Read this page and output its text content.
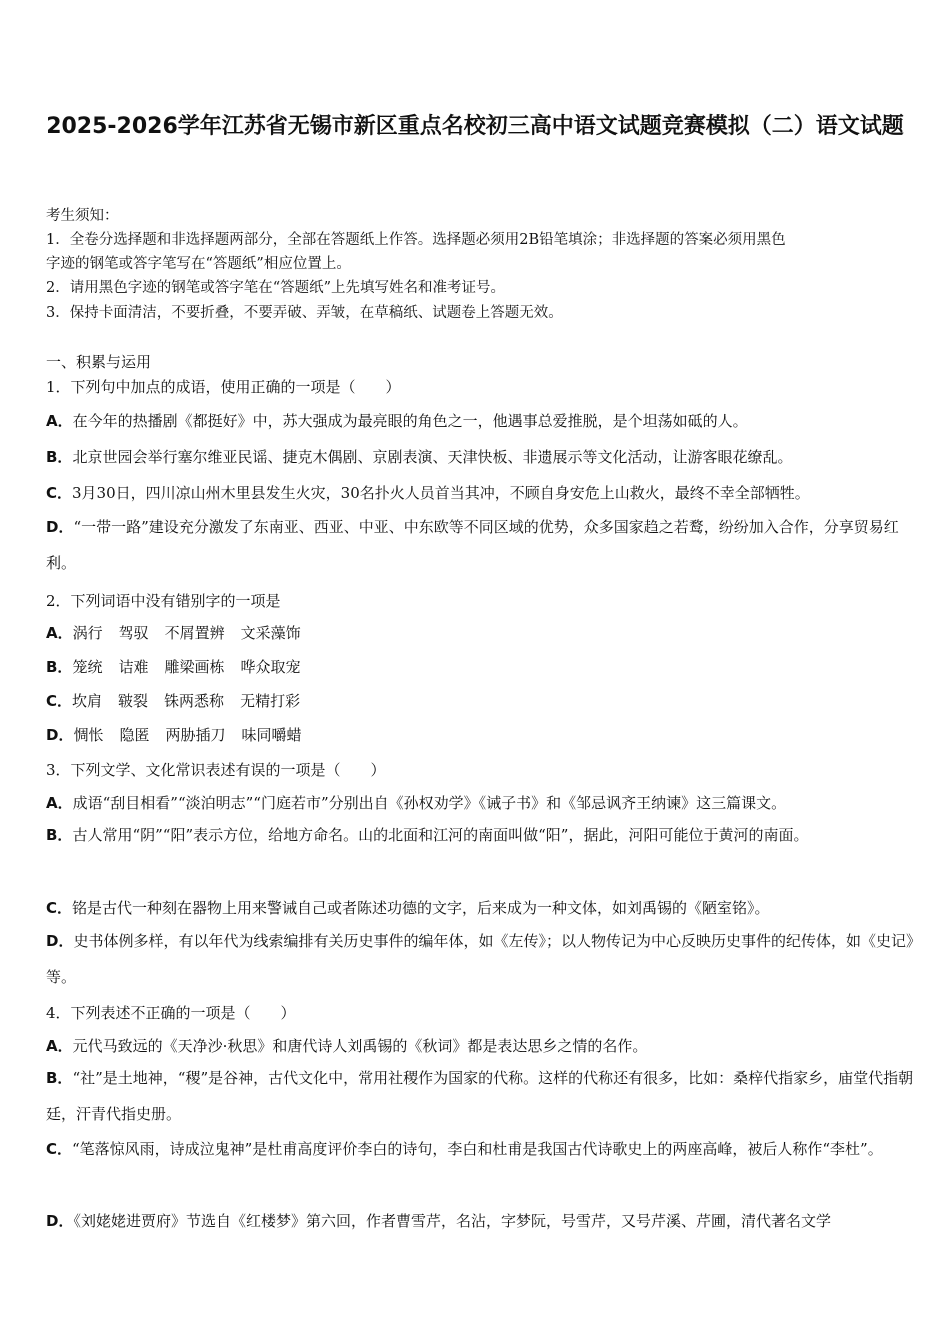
2025-2026学年江苏省无锡市新区重点名校初三高中语文试题竞赛模拟（二）语文试题
考生须知：
1．全卷分选择题和非选择题两部分，全部在答题纸上作答。选择题必须用2B铅笔填涂；非选择题的答案必须用黑色
字迹的钢笔或答字笔写在“答题纸”相应位置上。
2．请用黑色字迹的钢笔或答字笔在“答题纸”上先填写姓名和准考证号。
3．保持卡面清洁，不要折叠，不要弄破、弄皱，在草稿纸、试题卷上答题无效。
一、积累与运用
1．下列句中加点的成语，使用正确的一项是（　　）
A．在今年的热播剧《都挺好》中，苏大强成为最亮眼的角色之一，他遇事总爱推脱，是个坦荡如砥的人。
B．北京世园会举行塞尔维亚民谣、捷克木偶剧、京剧表演、天津快板、非遗展示等文化活动，让游客眼花缭乱。
C．3月30日，四川凉山州木里县发生火灾，30名扑火人员首当其冲，不顾自身安危上山救火，最终不幸全部牺牲。
D．“一带一路”建设充分激发了东南亚、西亚、中亚、中东欧等不同区域的优势，众多国家趋之若鹜，纷纷加入合作，分享贸易红利。
2．下列词语中没有错别字的一项是
A．涡行 驾驭 不屑置辨 文采藻饰
B．笼统 诘难 雕梁画栋 哗众取宠
C．坎肩 皲裂 铢两悉称 无精打彩
D．惆怅 隐匿 两胁插刀 味同嚼蜡
3．下列文学、文化常识表述有误的一项是（　　）
A．成语“刮目相看”“淡泊明志”“门庭若市”分别出自《孙权劝学》《诫子书》和《邹忌讽齐王纳谏》这三篇课文。
B．古人常用“阴”“阳”表示方位，给地方命名。山的北面和江河的南面叫做“阳”，据此，河阳可能位于黄河的南面。
C．铭是古代一种刻在器物上用来警诫自己或者陈述功德的文字，后来成为一种文体，如刘禹锡的《陋室铭》。
D．史书体例多样，有以年代为线索编排有关历史事件的编年体，如《左传》；以人物传记为中心反映历史事件的纪传体，如《史记》等。
4．下列表述不正确的一项是（　　）
A．元代马致远的《天净沙·秋思》和唐代诗人刘禹锡的《秋词》都是表达思乡之情的名作。
B．“社”是土地神，“稷”是谷神，古代文化中，常用社稷作为国家的代称。这样的代称还有很多，比如：桑梓代指家乡，庙堂代指朝廷，汗青代指史册。
C．“笔落惊风雨，诗成泣鬼神”是杜甫高度评价李白的诗句，李白和杜甫是我国古代诗歌史上的两座高峰，被后人称作“李杜”。
D．《刘姥姥进贾府》节选自《红楼梦》第六回，作者曹雪芹，名沾，字梦阮，号雪芹，又号芹溪、芹圃，清代著名文学
